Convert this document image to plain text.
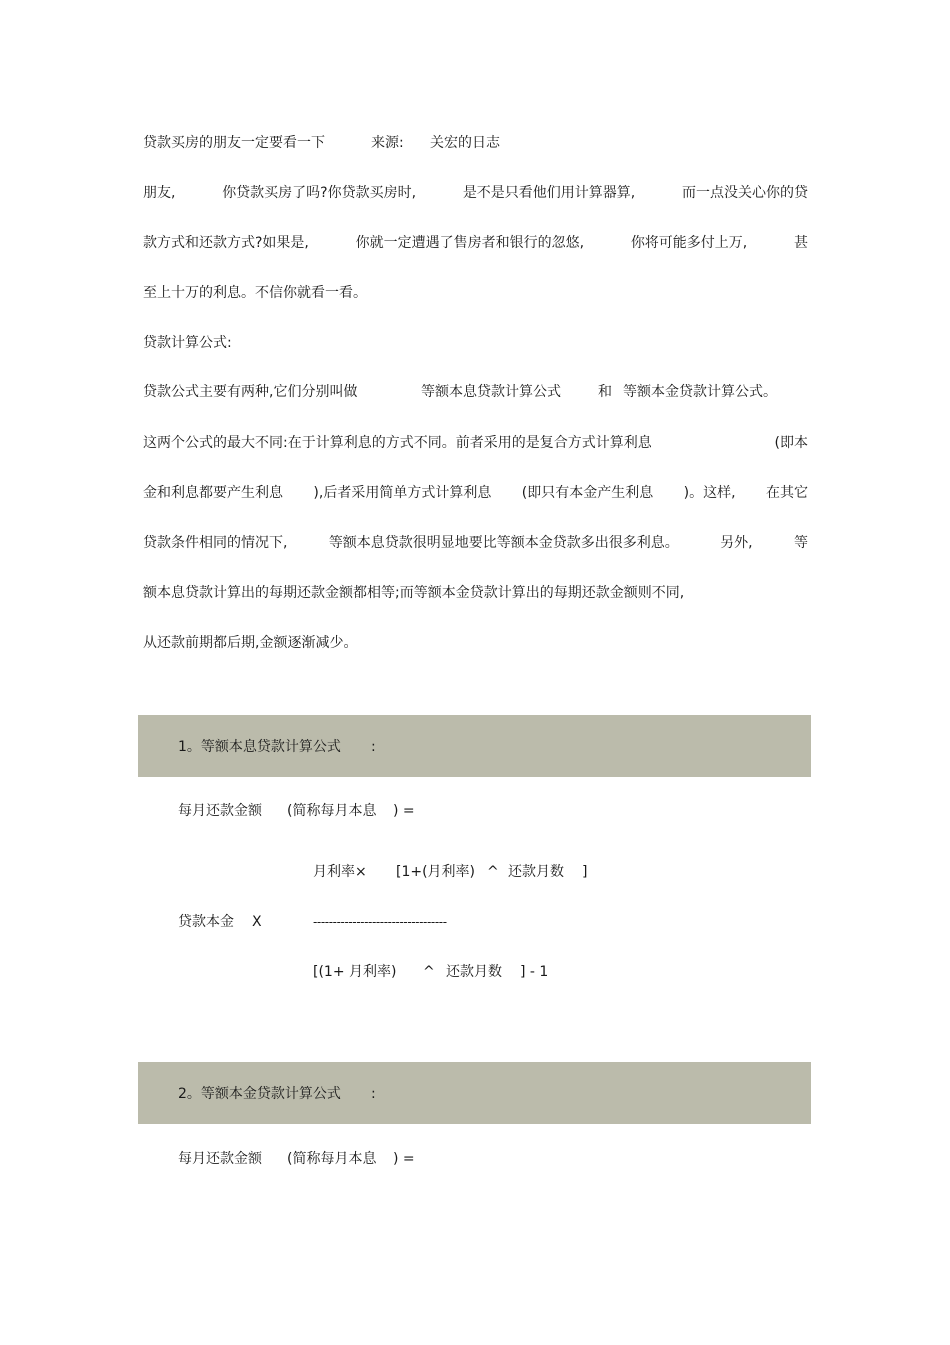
贷款买房的朋友一定要看一下	来源: 关宏的日志
朋友,	你贷款买房了吗?你贷款买房时,	是不是只看他们用计算器算,	而一点没关心你的贷
款方式和还款方式?如果是,	你就一定遭遇了售房者和银行的忽悠,	你将可能多付上万,	甚
至上十万的利息。不信你就看一看。
贷款计算公式:
贷款公式主要有两种,它们分别叫做	等额本息贷款计算公式	和 等额本金贷款计算公式。
这两个公式的最大不同:在于计算利息的方式不同。前者采用的是复合方式计算利息	(即本
金和利息都要产生利息 ),后者采用简单方式计算利息 (即只有本金产生利息 )。这样, 在其它
贷款条件相同的情况下,	等额本息贷款很明显地要比等额本金贷款多出很多利息。	另外,	等
额本息贷款计算出的每期还款金额都相等;而等额本金贷款计算出的每期还款金额则不同,
从还款前期都后期,金额逐渐减少。
1。等额本息贷款计算公式 :
每月还款金额 (简称每月本息 ) =
月利率× [1+(月利率) ^ 还款月数 ]
贷款本金 X	----------------------------------
[(1+ 月利率) ^ 还款月数 ] - 1
2。等额本金贷款计算公式 :
每月还款金额 (简称每月本息 ) =
